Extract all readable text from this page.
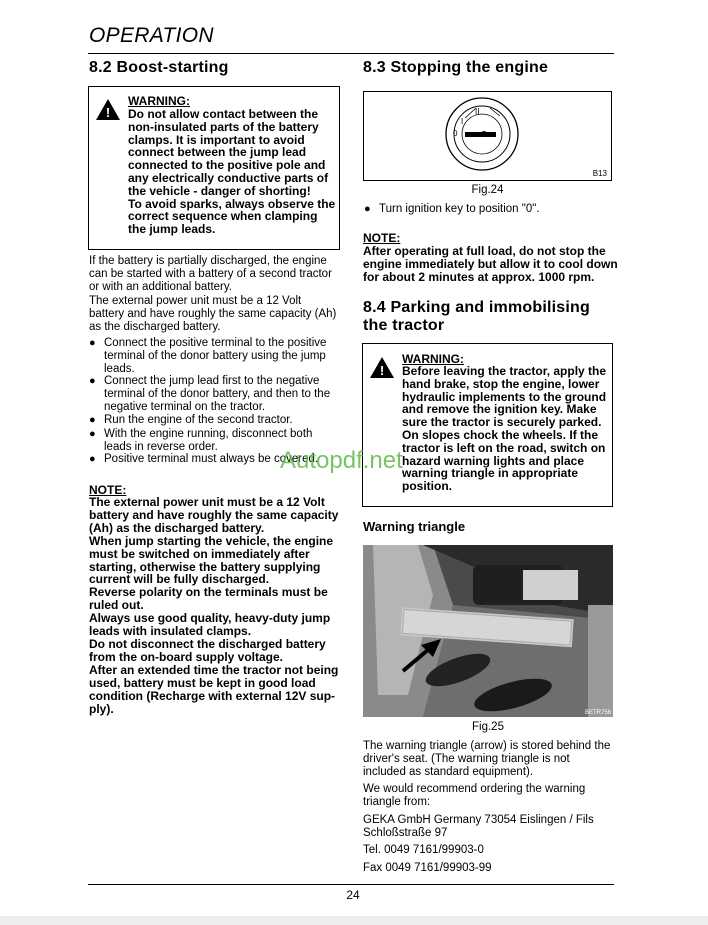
OPERATION
8.2 Boost-starting
!
WARNING:
Do not allow contact between the
non-insulated parts of the battery
clamps. It is important to avoid
connect between the jump lead
connected to the positive pole and
any electrically conductive parts of
the vehicle - danger of shorting!
To avoid sparks, always observe the
correct sequence when clamping
the jump leads.
If the battery is partially discharged, the engine
can be started with a battery of a second tractor
or with an additional battery.
The external power unit must be a 12 Volt
battery and have roughly the same capacity (Ah)
as the discharged battery.
● Connect the positive terminal to the positive
terminal of the donor battery using the jump
leads.
● Connect the jump lead first to the negative
terminal of the donor battery, and then to the
negative terminal on the tractor.
● Run the engine of the second tractor.
● With the engine running, disconnect both
leads in reverse order.
● Positive terminal must always be covered.
NOTE:
The external power unit must be a 12 Volt
battery and have roughly the same capacity
(Ah) as the discharged battery.
When jump starting the vehicle, the engine
must be switched on immediately after
starting, otherwise the battery supplying
current will be fully discharged.
Reverse polarity on the terminals must be
ruled out.
Always use good quality, heavy-duty jump
leads with insulated clamps.
Do not disconnect the discharged battery
from the on-board supply voltage.
After an extended time the tractor not being
used, battery must be kept in good load
condition (Recharge with external 12V sup-
ply).
8.3 Stopping the engine
0
I
II
B13
Fig.24
● Turn ignition key to position "0".
NOTE:
After operating at full load, do not stop the
engine immediately but allow it to cool down
for about 2 minutes at approx. 1000 rpm.
8.4 Parking and immobilising
the tractor
!
WARNING:
Before leaving the tractor, apply the
hand brake, stop the engine, lower
hydraulic implements to the ground
and remove the ignition key. Make
sure the tractor is securely parked.
On slopes chock the wheels. If the
tractor is left on the road, switch on
hazard warning lights and place
warning triangle in appropriate
position.
Warning triangle
BETR756
Fig.25
The warning triangle (arrow) is stored behind the
driver's seat. (The warning triangle is not
included as standard equipment).
We would recommend ordering the warning
triangle from:
GEKA GmbH Germany 73054 Eislingen / Fils
Schloßstraße 97
Tel. 0049 7161/99903-0
Fax 0049 7161/99903-99
Autopdf.net
24
